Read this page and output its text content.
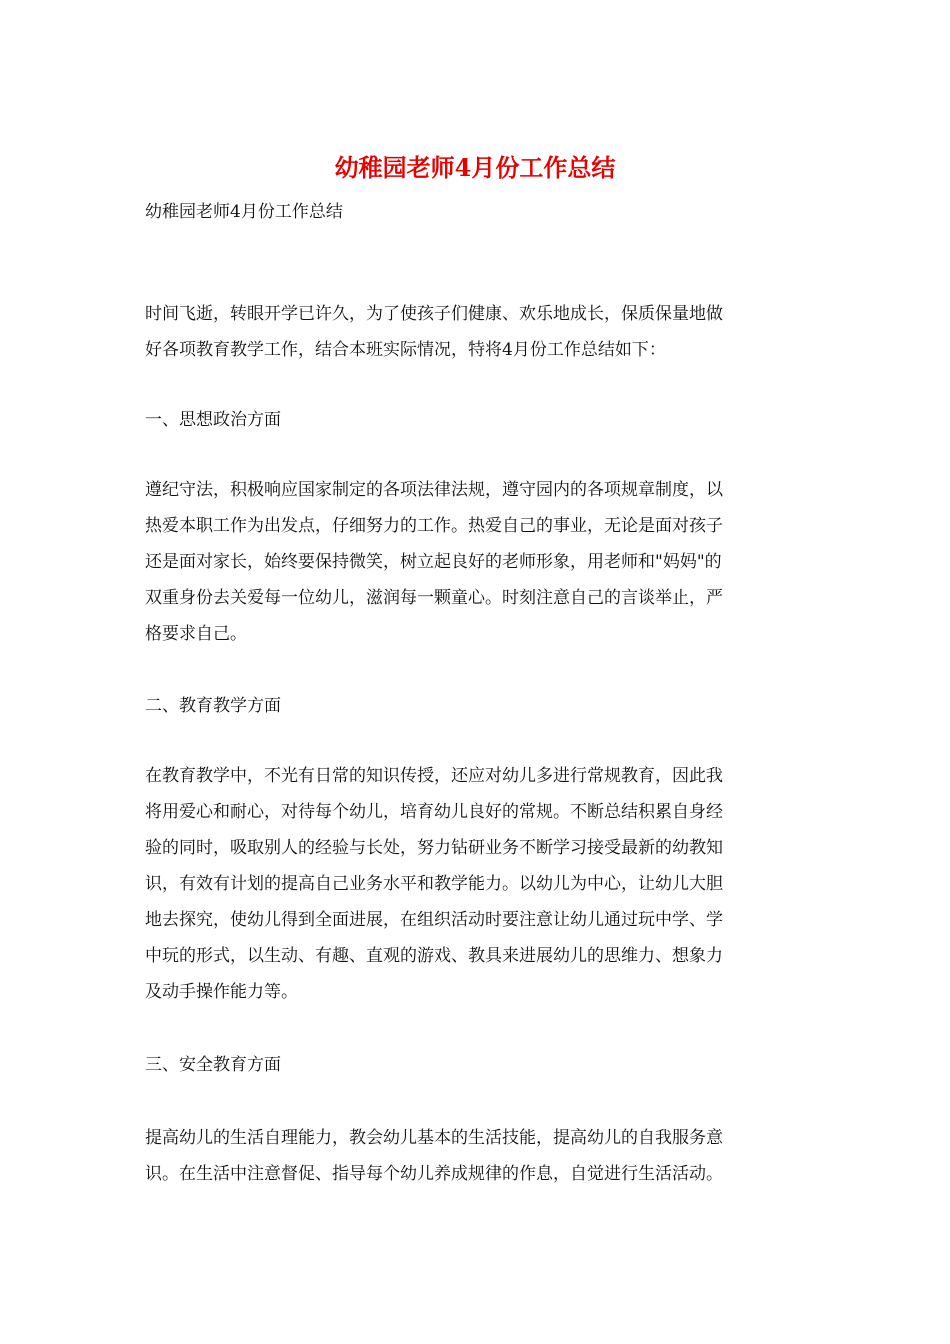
幼稚园老师4月份工作总结

幼稚园老师4月份工作总结

时间飞逝，转眼开学已许久，为了使孩子们健康、欢乐地成长，保质保量地做
好各项教育教学工作，结合本班实际情况，特将4月份工作总结如下：

一、思想政治方面

遵纪守法，积极响应国家制定的各项法律法规，遵守园内的各项规章制度，以
热爱本职工作为出发点，仔细努力的工作。热爱自己的事业，无论是面对孩子
还是面对家长，始终要保持微笑，树立起良好的老师形象，用老师和"妈妈"的
双重身份去关爱每一位幼儿，滋润每一颗童心。时刻注意自己的言谈举止，严
格要求自己。

二、教育教学方面

在教育教学中，不光有日常的知识传授，还应对幼儿多进行常规教育，因此我
将用爱心和耐心，对待每个幼儿，培育幼儿良好的常规。不断总结积累自身经
验的同时，吸取别人的经验与长处，努力钻研业务不断学习接受最新的幼教知
识，有效有计划的提高自己业务水平和教学能力。以幼儿为中心，让幼儿大胆
地去探究，使幼儿得到全面进展，在组织活动时要注意让幼儿通过玩中学、学
中玩的形式，以生动、有趣、直观的游戏、教具来进展幼儿的思维力、想象力
及动手操作能力等。

三、安全教育方面

提高幼儿的生活自理能力，教会幼儿基本的生活技能，提高幼儿的自我服务意
识。在生活中注意督促、指导每个幼儿养成规律的作息，自觉进行生活活动。
